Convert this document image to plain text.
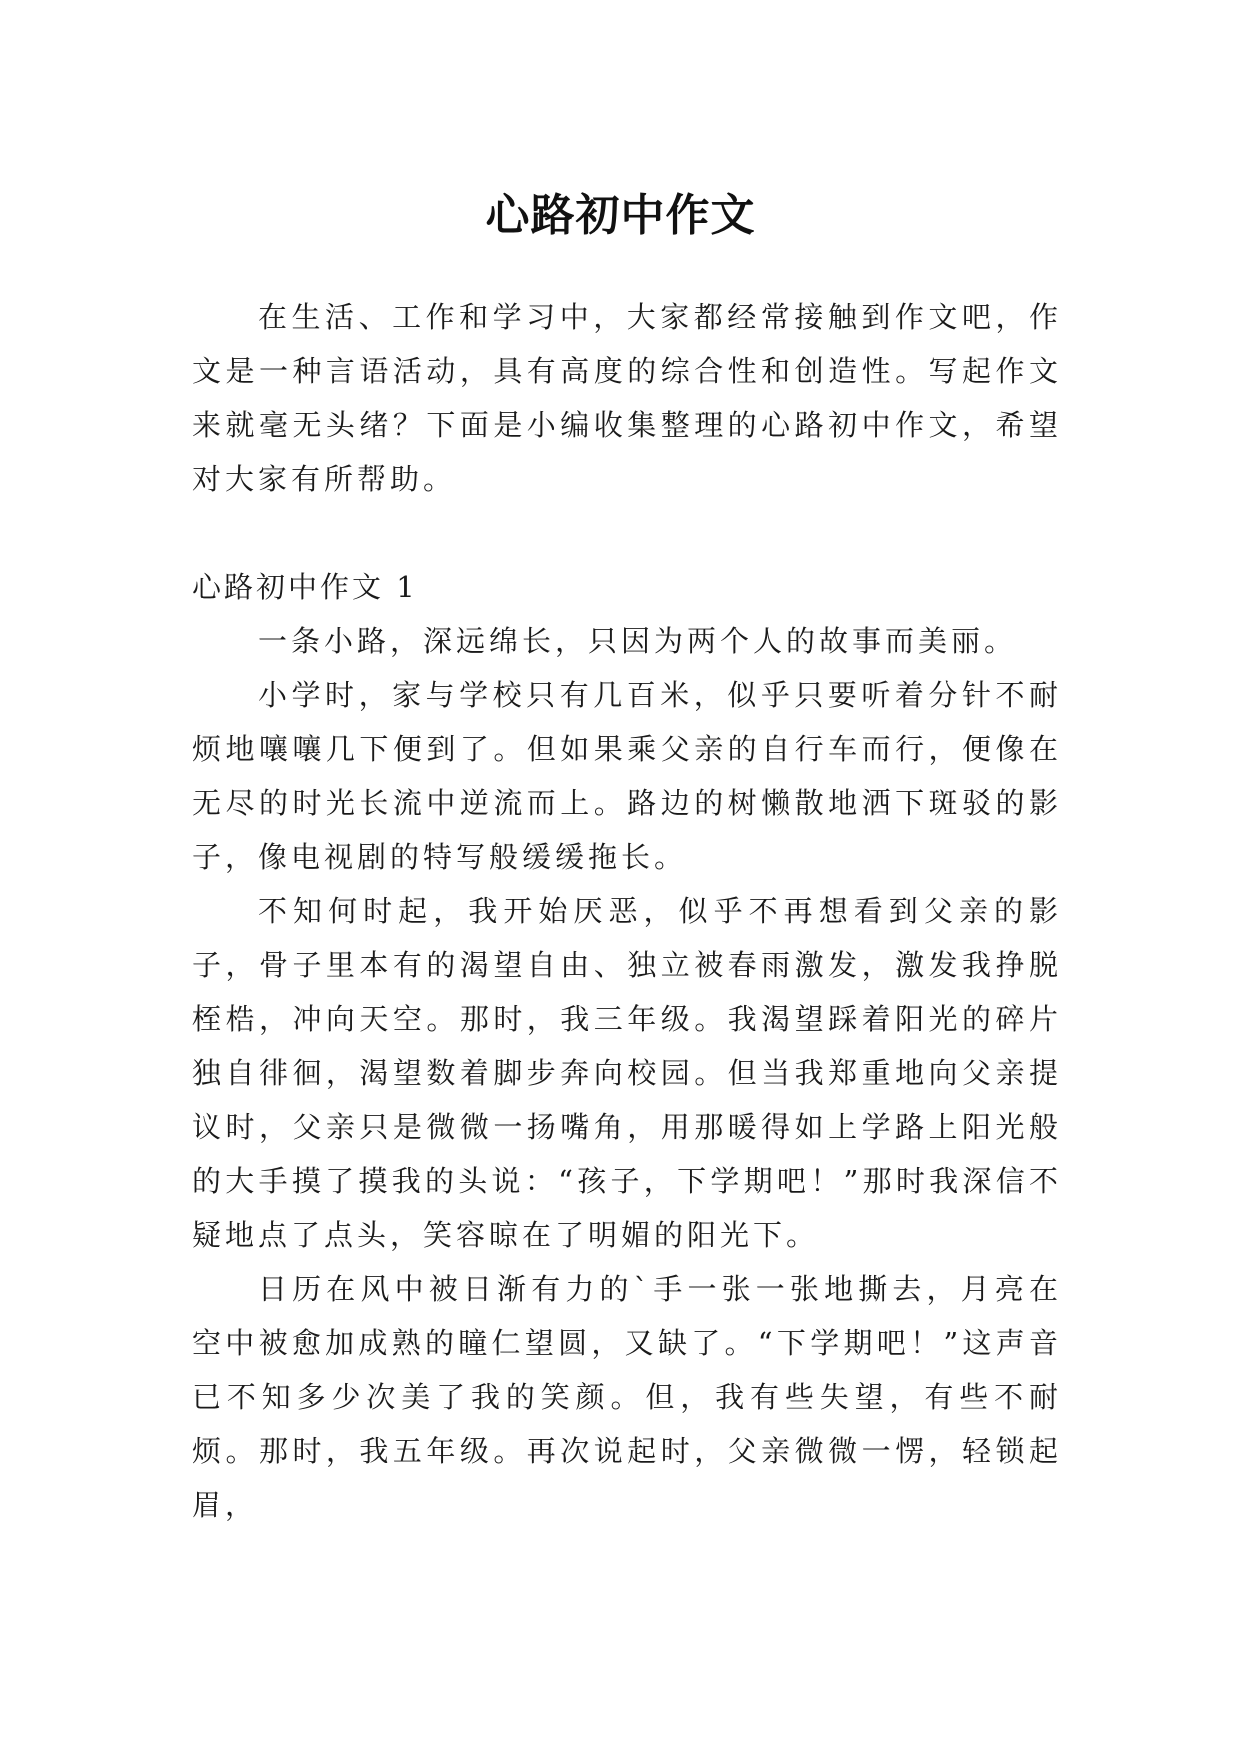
心路初中作文

在生活、工作和学习中，大家都经常接触到作文吧，作文是一种言语活动，具有高度的综合性和创造性。写起作文来就毫无头绪？下面是小编收集整理的心路初中作文，希望对大家有所帮助。

心路初中作文 1

一条小路，深远绵长，只因为两个人的故事而美丽。

小学时，家与学校只有几百米，似乎只要听着分针不耐烦地嚷嚷几下便到了。但如果乘父亲的自行车而行，便像在无尽的时光长流中逆流而上。路边的树懒散地洒下斑驳的影子，像电视剧的特写般缓缓拖长。

不知何时起，我开始厌恶，似乎不再想看到父亲的影子，骨子里本有的渴望自由、独立被春雨激发，激发我挣脱桎梏，冲向天空。那时，我三年级。我渴望踩着阳光的碎片独自徘徊，渴望数着脚步奔向校园。但当我郑重地向父亲提议时，父亲只是微微一扬嘴角，用那暖得如上学路上阳光般的大手摸了摸我的头说：“孩子，下学期吧！”那时我深信不疑地点了点头，笑容晾在了明媚的阳光下。

日历在风中被日渐有力的`手一张一张地撕去，月亮在空中被愈加成熟的瞳仁望圆，又缺了。“下学期吧！”这声音已不知多少次美了我的笑颜。但，我有些失望，有些不耐烦。那时，我五年级。再次说起时，父亲微微一愣，轻锁起眉，
